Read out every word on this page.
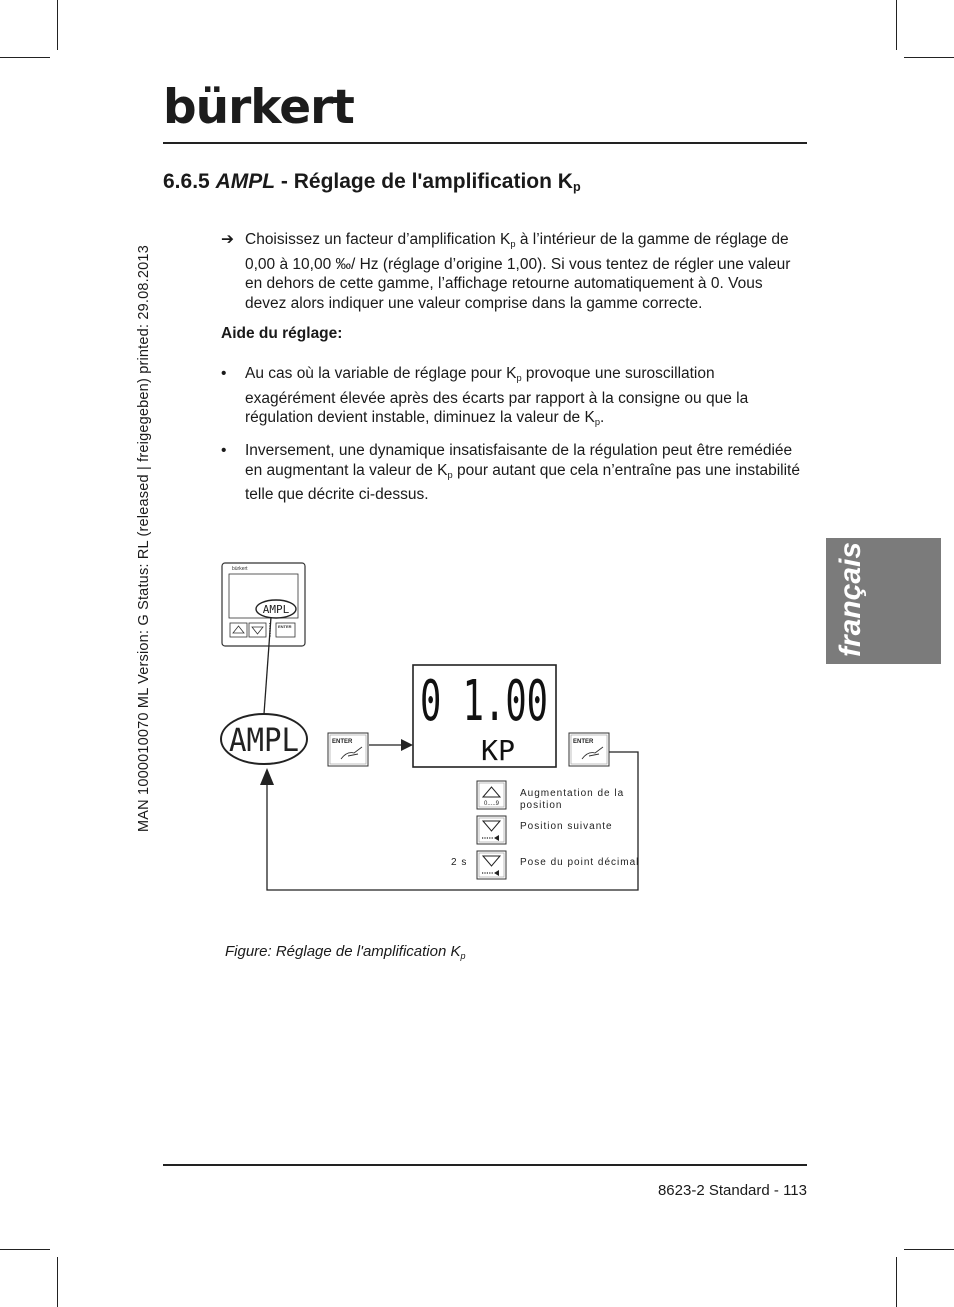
bürkert
MAN 1000010070 ML Version: G Status: RL (released | freigegeben) printed: 29.08.2013	français
6.6.5 AMPL - Réglage de l'amplification $K_p$
➔ Choisissez un facteur d’amplification $K_p$ à l’intérieur de la gamme de réglage de 0,00 à 10,00 ‰/ Hz (réglage d’origine 1,00). Si vous tentez de régler une valeur en dehors de cette gamme, l’affichage retourne automatiquement à 0. Vous devez alors indiquer une valeur comprise dans la gamme correcte.
Aide du réglage:
• Au cas où la variable de réglage pour $K_p$ provoque une suroscillation exagérément élevée après des écarts par rapport à la consigne ou que la régulation devient instable, diminuez la valeur de $K_p$.
• Inversement, une dynamique insatisfaisante de la régulation peut être remédiée en augmentant la valeur de $K_p$ pour autant que cela n’entraîne pas une instabilité telle que décrite ci-dessus.
bürkert
AMPL
ENTER
AMPL	ENTER
0 1.00
KP	ENTER
0.....9
Augmentation de la position
Position suivante
Pose du point décimal
2 s
Figure: Réglage de l'amplification $K_p$
8623-2 Standard - 113
